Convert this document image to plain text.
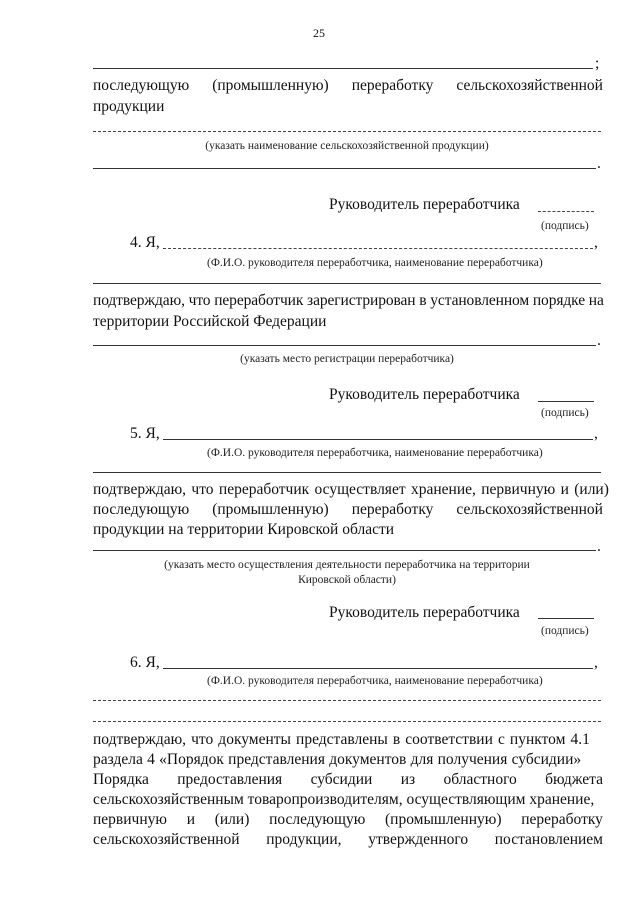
25
;
последующую (промышленную) переработку сельскохозяйственной
продукции
(указать наименование сельскохозяйственной продукции)
.
Руководитель переработчика
(подпись)
4. Я,	,
(Ф.И.О. руководителя переработчика, наименование переработчика)
подтверждаю, что переработчик зарегистрирован в установленном порядке на
территории Российской Федерации
.
(указать место регистрации переработчика)
Руководитель переработчика
(подпись)
5. Я,	,
(Ф.И.О. руководителя переработчика, наименование переработчика)
подтверждаю, что переработчик осуществляет хранение, первичную и (или)
последующую (промышленную) переработку сельскохозяйственной
продукции на территории Кировской области
.
(указать место осуществления деятельности переработчика на территории
Кировской области)
Руководитель переработчика
(подпись)
6. Я,	,
(Ф.И.О. руководителя переработчика, наименование переработчика)
подтверждаю, что документы представлены в соответствии с пунктом 4.1
раздела 4 «Порядок представления документов для получения субсидии»
Порядка предоставления субсидии из областного бюджета
сельскохозяйственным товаропроизводителям, осуществляющим хранение,
первичную и (или) последующую (промышленную) переработку
сельскохозяйственной продукции, утвержденного постановлением
